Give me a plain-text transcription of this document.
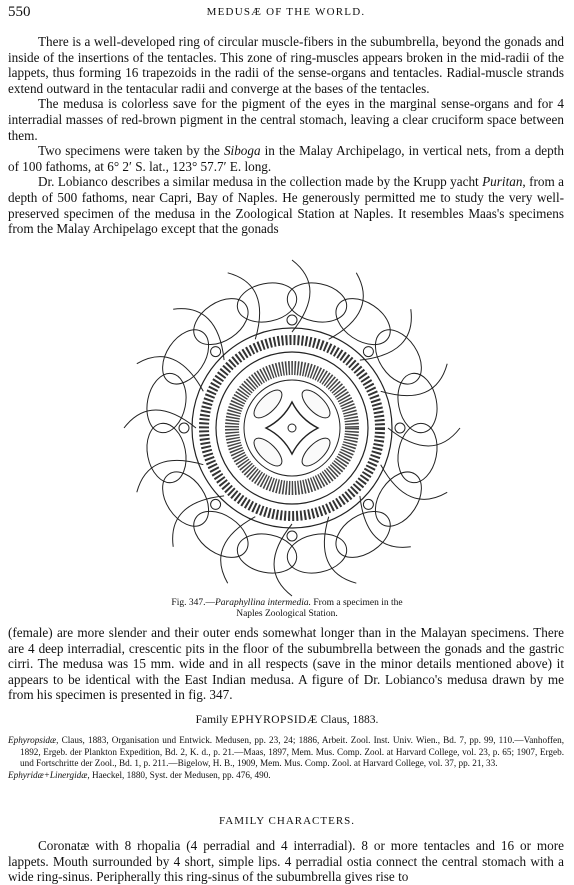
550	MEDUSÆ OF THE WORLD.

There is a well-developed ring of circular muscle-fibers in the subumbrella, beyond the gonads and inside of the insertions of the tentacles. This zone of ring-muscles appears broken in the mid-radii of the lappets, thus forming 16 trapezoids in the radii of the sense-organs and tentacles. Radial-muscle strands extend outward in the tentacular radii and converge at the bases of the tentacles.

The medusa is colorless save for the pigment of the eyes in the marginal sense-organs and for 4 interradial masses of red-brown pigment in the central stomach, leaving a clear cruciform space between them.

Two specimens were taken by the Siboga in the Malay Archipelago, in vertical nets, from a depth of 100 fathoms, at 6° 2′ S. lat., 123° 57.7′ E. long.

Dr. Lobianco describes a similar medusa in the collection made by the Krupp yacht Puritan, from a depth of 500 fathoms, near Capri, Bay of Naples. He generously permitted me to study the very well-preserved specimen of the medusa in the Zoological Station at Naples. It resembles Maas's specimens from the Malay Archipelago except that the gonads

Fig. 347.—Paraphyllina intermedia. From a specimen in the
Naples Zoological Station.

(female) are more slender and their outer ends somewhat longer than in the Malayan specimens. There are 4 deep interradial, crescentic pits in the floor of the subumbrella between the gonads and the gastric cirri. The medusa was 15 mm. wide and in all respects (save in the minor details mentioned above) it appears to be identical with the East Indian medusa. A figure of Dr. Lobianco's medusa drawn by me from his specimen is presented in fig. 347.

Family EPHYROPSIDÆ Claus, 1883.

Ephyropsidæ, Claus, 1883, Organisation und Entwick. Medusen, pp. 23, 24; 1886, Arbeit. Zool. Inst. Univ. Wien., Bd. 7, pp. 99, 110.—Vanhoffen, 1892, Ergeb. der Plankton Expedition, Bd. 2, K. d., p. 21.—Maas, 1897, Mem. Mus. Comp. Zool. at Harvard College, vol. 23, p. 65; 1907, Ergeb. und Fortschritte der Zool., Bd. 1, p. 211.—Bigelow, H. B., 1909, Mem. Mus. Comp. Zool. at Harvard College, vol. 37, pp. 21, 33.

Ephyridæ+Linergidæ, Haeckel, 1880, Syst. der Medusen, pp. 476, 490.

FAMILY CHARACTERS.

Coronatæ with 8 rhopalia (4 perradial and 4 interradial). 8 or more tentacles and 16 or more lappets. Mouth surrounded by 4 short, simple lips. 4 perradial ostia connect the central stomach with a wide ring-sinus. Peripherally this ring-sinus of the subumbrella gives rise to
